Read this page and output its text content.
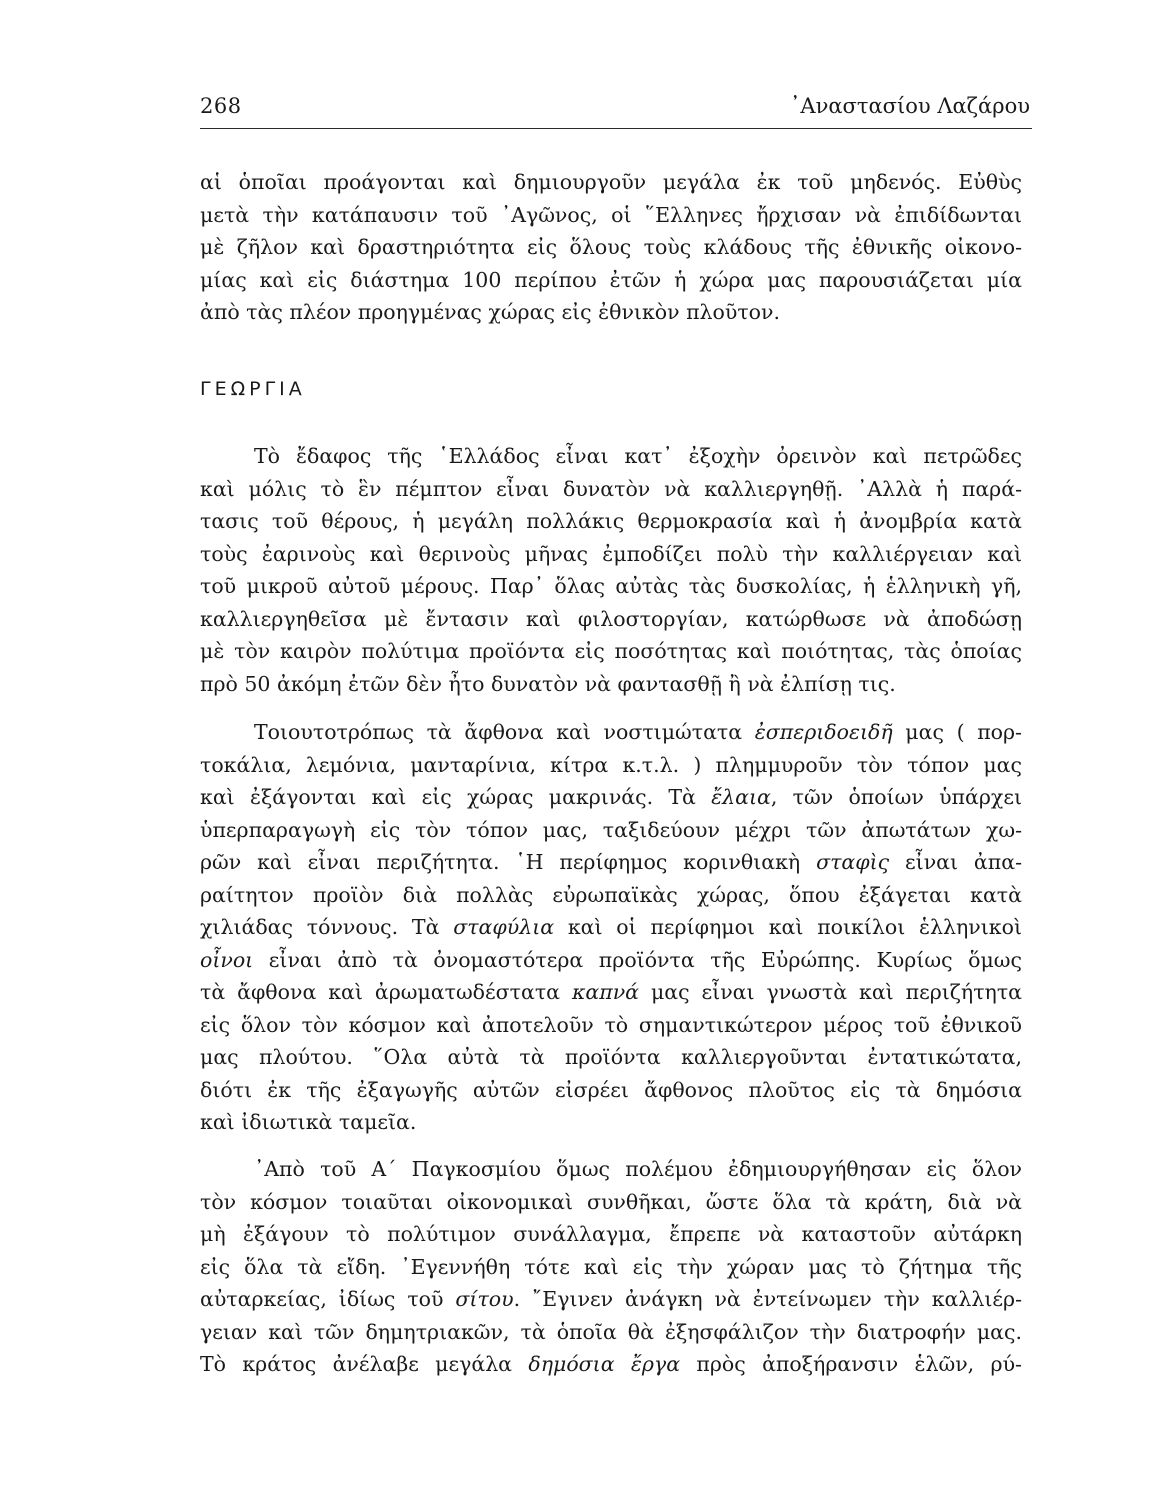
268	᾿Αναστασίου Λαζάρου
αἱ ὁποῖαι προάγονται καὶ δημιουργοῦν μεγάλα ἐκ τοῦ μηδενός. Εὐθὺς
μετὰ τὴν κατάπαυσιν τοῦ ᾿Αγῶνος, οἱ ῞Ελληνες ἤρχισαν νὰ ἐπιδίδωνται
μὲ ζῆλον καὶ δραστηριότητα εἰς ὅλους τοὺς κλάδους τῆς ἐθνικῆς οἰκονο-
μίας καὶ εἰς διάστημα 100 περίπου ἐτῶν ἡ χώρα μας παρουσιάζεται μία
ἀπὸ τὰς πλέον προηγμένας χώρας εἰς ἐθνικὸν πλοῦτον.
ΓΕΩΡΓΙΑ
Τὸ ἔδαφος τῆς ῾Ελλάδος εἶναι κατ᾿ ἐξοχὴν ὀρεινὸν καὶ πετρῶδες
καὶ μόλις τὸ ἓν πέμπτον εἶναι δυνατὸν νὰ καλλιεργηθῇ. ᾿Αλλὰ ἡ παρά-
τασις τοῦ θέρους, ἡ μεγάλη πολλάκις θερμοκρασία καὶ ἡ ἀνομβρία κατὰ
τοὺς ἐαρινοὺς καὶ θερινοὺς μῆνας ἐμποδίζει πολὺ τὴν καλλιέργειαν καὶ
τοῦ μικροῦ αὐτοῦ μέρους. Παρ᾿ ὅλας αὐτὰς τὰς δυσκολίας, ἡ ἑλληνικὴ γῆ,
καλλιεργηθεῖσα μὲ ἔντασιν καὶ φιλοστοργίαν, κατώρθωσε νὰ ἀποδώσῃ
μὲ τὸν καιρὸν πολύτιμα προϊόντα εἰς ποσότητας καὶ ποιότητας, τὰς ὁποίας
πρὸ 50 ἀκόμη ἐτῶν δὲν ἦτο δυνατὸν νὰ φαντασθῇ ἢ νὰ ἐλπίσῃ τις.
Τοιουτοτρόπως τὰ ἄφθονα καὶ νοστιμώτατα ἐσπεριδοειδῆ μας ( πορ-
τοκάλια, λεμόνια, μανταρίνια, κίτρα κ.τ.λ. ) πλημμυροῦν τὸν τόπον μας
καὶ ἐξάγονται καὶ εἰς χώρας μακρινάς. Τὰ ἔλαια, τῶν ὁποίων ὑπάρχει
ὑπερπαραγωγὴ εἰς τὸν τόπον μας, ταξιδεύουν μέχρι τῶν ἀπωτάτων χω-
ρῶν καὶ εἶναι περιζήτητα. ῾Η περίφημος κορινθιακὴ σταφὶς εἶναι ἀπα-
ραίτητον προϊὸν διὰ πολλὰς εὐρωπαϊκὰς χώρας, ὅπου ἐξάγεται κατὰ
χιλιάδας τόννους. Τὰ σταφύλια καὶ οἱ περίφημοι καὶ ποικίλοι ἑλληνικοὶ
οἶνοι εἶναι ἀπὸ τὰ ὀνομαστότερα προϊόντα τῆς Εὐρώπης. Κυρίως ὅμως
τὰ ἄφθονα καὶ ἀρωματωδέστατα καπνά μας εἶναι γνωστὰ καὶ περιζήτητα
εἰς ὅλον τὸν κόσμον καὶ ἀποτελοῦν τὸ σημαντικώτερον μέρος τοῦ ἐθνικοῦ
μας πλούτου. ῞Ολα αὐτὰ τὰ προϊόντα καλλιεργοῦνται ἐντατικώτατα,
διότι ἐκ τῆς ἐξαγωγῆς αὐτῶν εἰσρέει ἄφθονος πλοῦτος εἰς τὰ δημόσια
καὶ ἰδιωτικὰ ταμεῖα.
᾿Απὸ τοῦ Α΄ Παγκοσμίου ὅμως πολέμου ἐδημιουργήθησαν εἰς ὅλον
τὸν κόσμον τοιαῦται οἰκονομικαὶ συνθῆκαι, ὥστε ὅλα τὰ κράτη, διὰ νὰ
μὴ ἐξάγουν τὸ πολύτιμον συνάλλαγμα, ἔπρεπε νὰ καταστοῦν αὐτάρκη
εἰς ὅλα τὰ εἴδη. ᾿Εγεννήθη τότε καὶ εἰς τὴν χώραν μας τὸ ζήτημα τῆς
αὐταρκείας, ἰδίως τοῦ σίτου. ῎Εγινεν ἀνάγκη νὰ ἐντείνωμεν τὴν καλλιέρ-
γειαν καὶ τῶν δημητριακῶν, τὰ ὁποῖα θὰ ἐξησφάλιζον τὴν διατροφήν μας.
Τὸ κράτος ἀνέλαβε μεγάλα δημόσια ἔργα πρὸς ἀποξήρανσιν ἑλῶν, ρύ-
